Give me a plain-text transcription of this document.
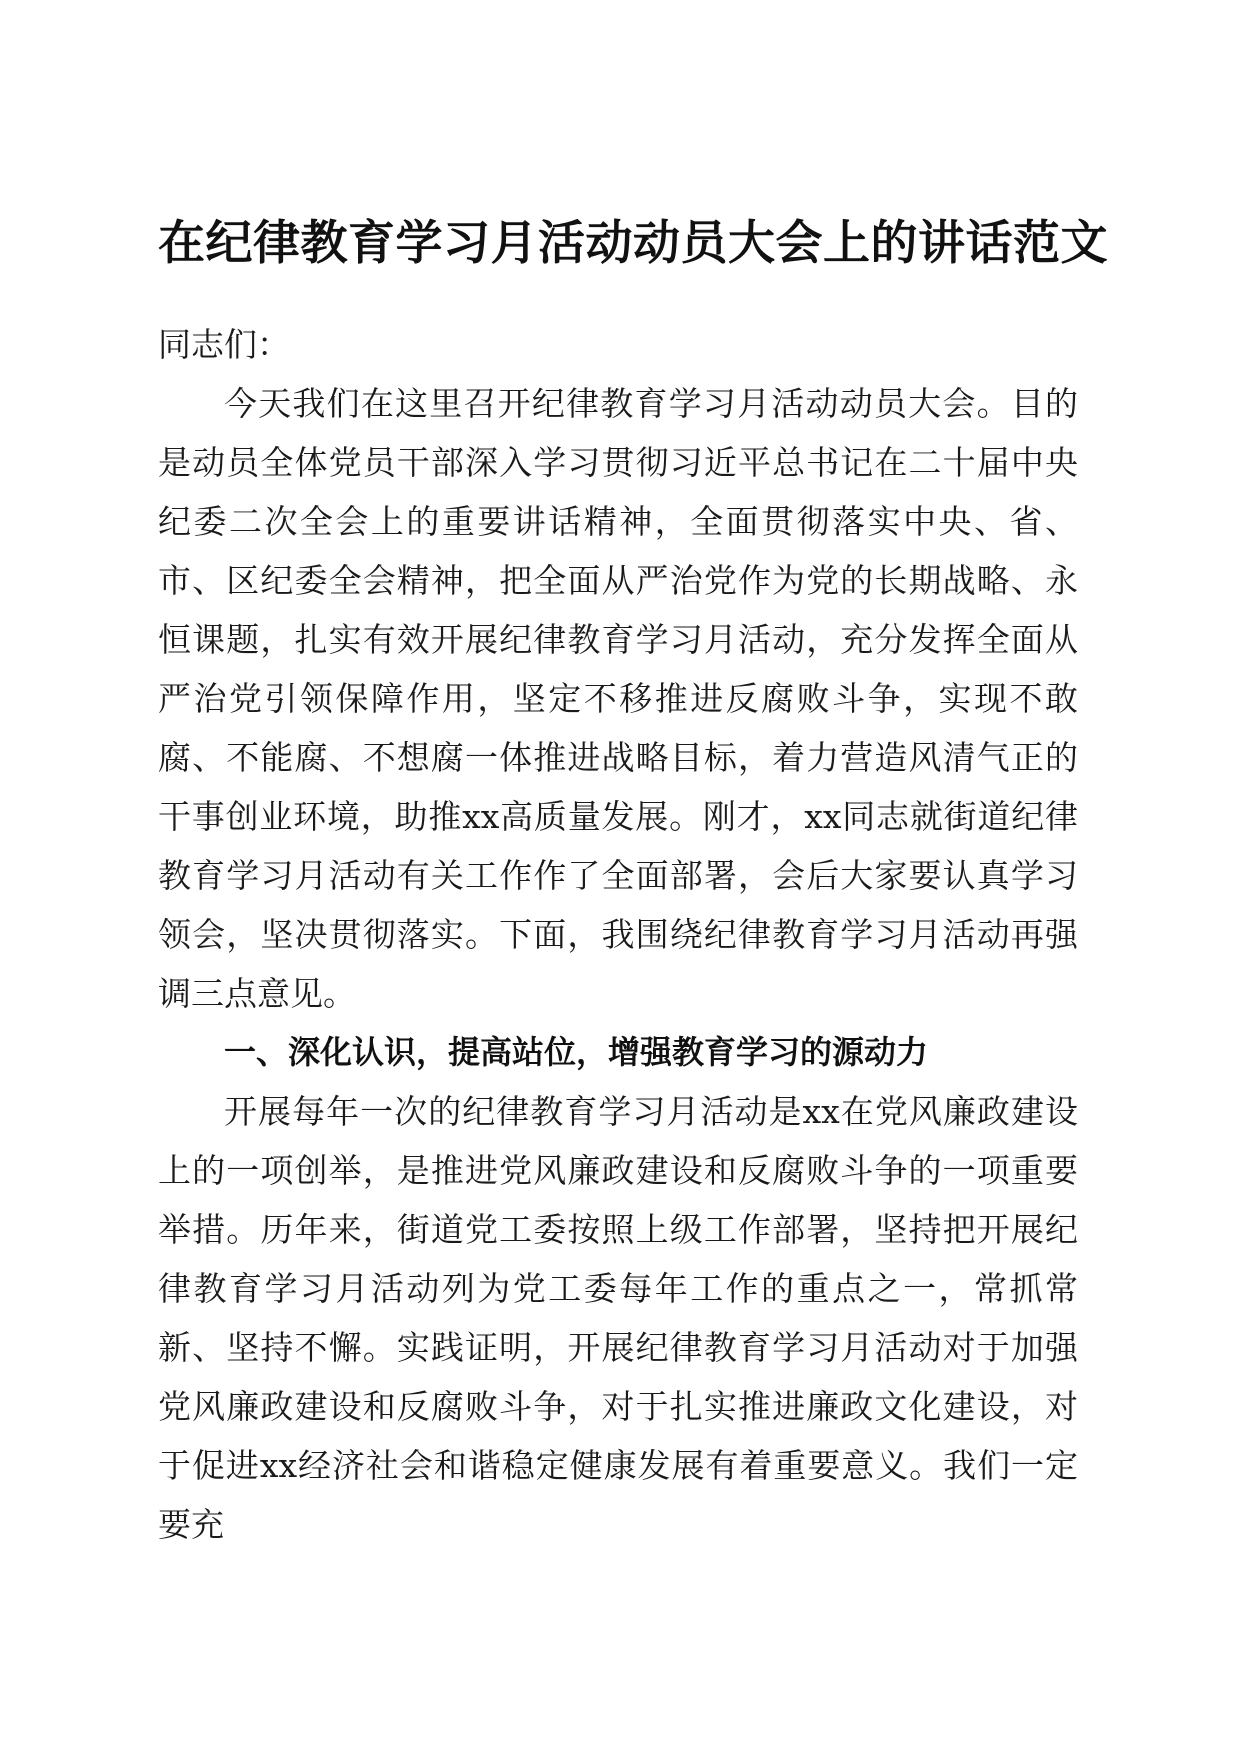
在纪律教育学习月活动动员大会上的讲话范文

同志们：

今天我们在这里召开纪律教育学习月活动动员大会。目的是动员全体党员干部深入学习贯彻习近平总书记在二十届中央纪委二次全会上的重要讲话精神，全面贯彻落实中央、省、市、区纪委全会精神，把全面从严治党作为党的长期战略、永恒课题，扎实有效开展纪律教育学习月活动，充分发挥全面从严治党引领保障作用，坚定不移推进反腐败斗争，实现不敢腐、不能腐、不想腐一体推进战略目标，着力营造风清气正的干事创业环境，助推xx高质量发展。刚才，xx同志就街道纪律教育学习月活动有关工作作了全面部署，会后大家要认真学习领会，坚决贯彻落实。下面，我围绕纪律教育学习月活动再强调三点意见。

一、深化认识，提高站位，增强教育学习的源动力

开展每年一次的纪律教育学习月活动是xx在党风廉政建设上的一项创举，是推进党风廉政建设和反腐败斗争的一项重要举措。历年来，街道党工委按照上级工作部署，坚持把开展纪律教育学习月活动列为党工委每年工作的重点之一，常抓常新、坚持不懈。实践证明，开展纪律教育学习月活动对于加强党风廉政建设和反腐败斗争，对于扎实推进廉政文化建设，对于促进xx经济社会和谐稳定健康发展有着重要意义。我们一定要充
